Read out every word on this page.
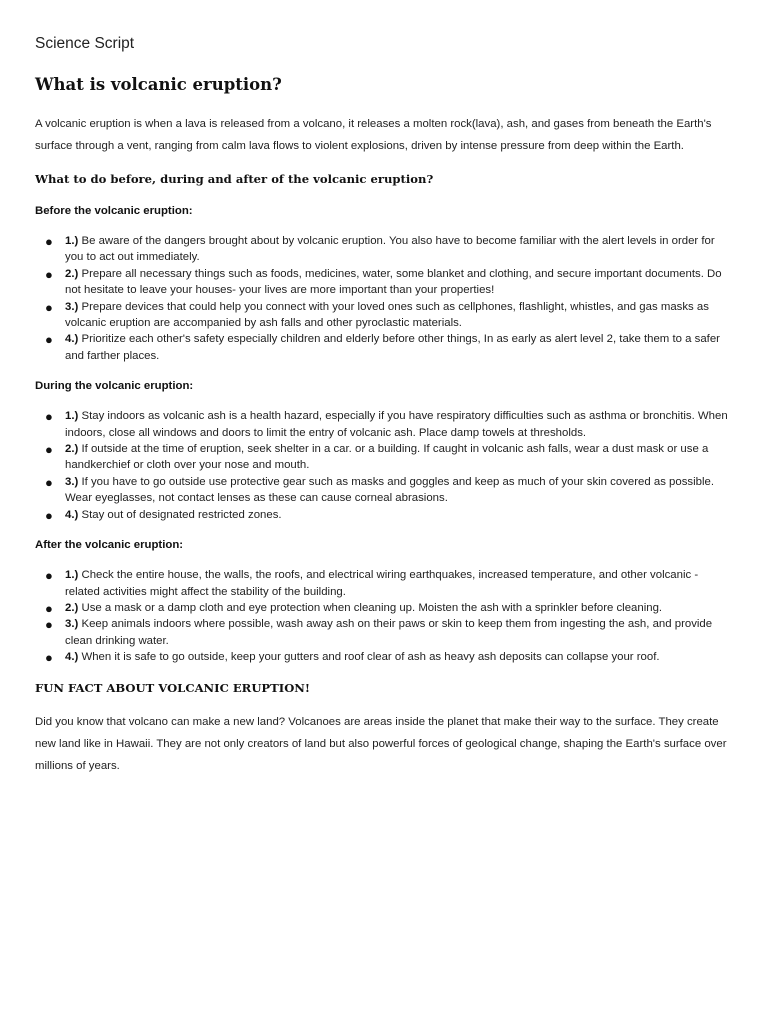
Science Script
What is volcanic eruption?

A volcanic eruption is when a lava is released from a volcano, it releases a molten rock(lava), ash, and gases from beneath the Earth's surface through a vent, ranging from calm lava flows to violent explosions, driven by intense pressure from deep within the Earth.

What to do before, during and after of the volcanic eruption?
Before the volcanic eruption:
● 1.) Be aware of the dangers brought about by volcanic eruption. You also have to become familiar with the alert levels in order for you to act out immediately.
● 2.) Prepare all necessary things such as foods, medicines, water, some blanket and clothing, and secure important documents. Do not hesitate to leave your houses- your lives are more important than your properties!
● 3.) Prepare devices that could help you connect with your loved ones such as cellphones, flashlight, whistles, and gas masks as volcanic eruption are accompanied by ash falls and other pyroclastic materials.
● 4.) Prioritize each other's safety especially children and elderly before other things, In as early as alert level 2, take them to a safer and farther places.
During the volcanic eruption:
● 1.) Stay indoors as volcanic ash is a health hazard, especially if you have respiratory difficulties such as asthma or bronchitis. When indoors, close all windows and doors to limit the entry of volcanic ash. Place damp towels at thresholds.
● 2.) If outside at the time of eruption, seek shelter in a car. or a building. If caught in volcanic ash falls, wear a dust mask or use a handkerchief or cloth over your nose and mouth.
● 3.) If you have to go outside use protective gear such as masks and goggles and keep as much of your skin covered as possible. Wear eyeglasses, not contact lenses as these can cause corneal abrasions.
● 4.) Stay out of designated restricted zones.
After the volcanic eruption:
● 1.) Check the entire house, the walls, the roofs, and electrical wiring earthquakes, increased temperature, and other volcanic - related activities might affect the stability of the building.
● 2.) Use a mask or a damp cloth and eye protection when cleaning up. Moisten the ash with a sprinkler before cleaning.
● 3.) Keep animals indoors where possible, wash away ash on their paws or skin to keep them from ingesting the ash, and provide clean drinking water.
● 4.) When it is safe to go outside, keep your gutters and roof clear of ash as heavy ash deposits can collapse your roof.
FUN FACT ABOUT VOLCANIC ERUPTION!

Did you know that volcano can make a new land? Volcanoes are areas inside the planet that make their way to the surface. They create new land like in Hawaii. They are not only creators of land but also powerful forces of geological change, shaping the Earth's surface over millions of years.
